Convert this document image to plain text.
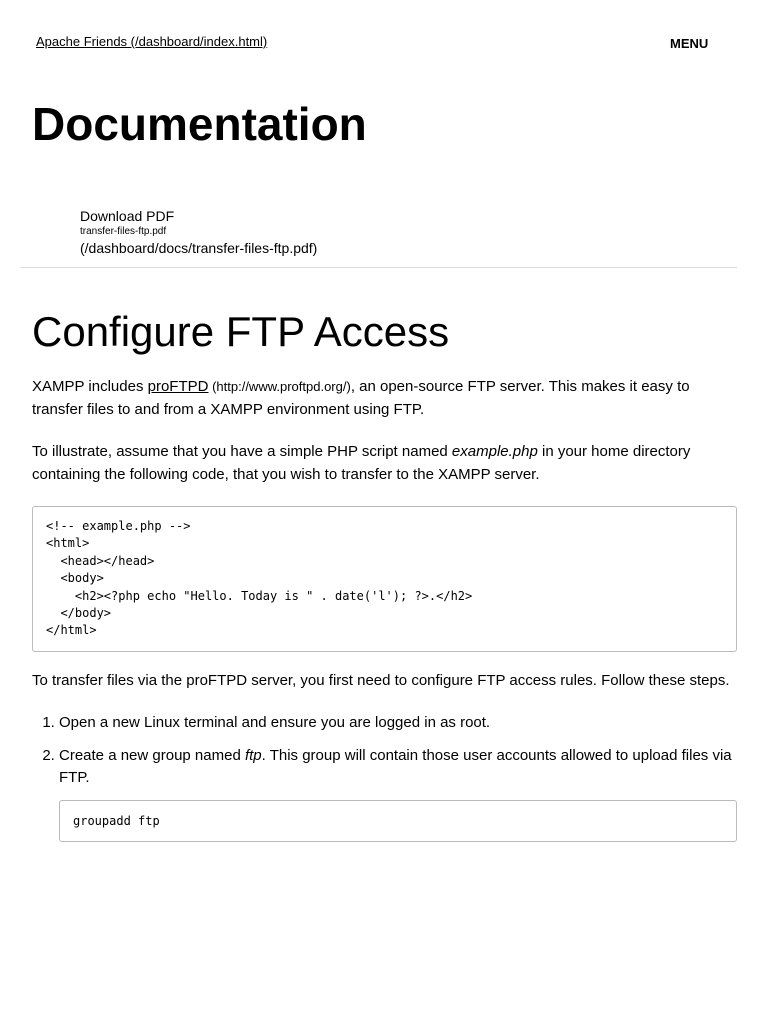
Apache Friends (/dashboard/index.html)	MENU
Documentation
Download PDF
transfer-files-ftp.pdf
(/dashboard/docs/transfer-files-ftp.pdf)
Configure FTP Access

XAMPP includes proFTPD (http://www.proftpd.org/), an open-source FTP server. This makes it easy to transfer files to and from a XAMPP environment using FTP.

To illustrate, assume that you have a simple PHP script named example.php in your home directory containing the following code, that you wish to transfer to the XAMPP server.

<!-- example.php -->
<html>
<head></head>
<body>
<h2><?php echo "Hello. Today is " . date('l'); ?>.</h2>
</body>
</html>

To transfer files via the proFTPD server, you first need to configure FTP access rules. Follow these steps.

1. Open a new Linux terminal and ensure you are logged in as root.
2. Create a new group named ftp. This group will contain those user accounts allowed to upload files via FTP.
groupadd ftp
